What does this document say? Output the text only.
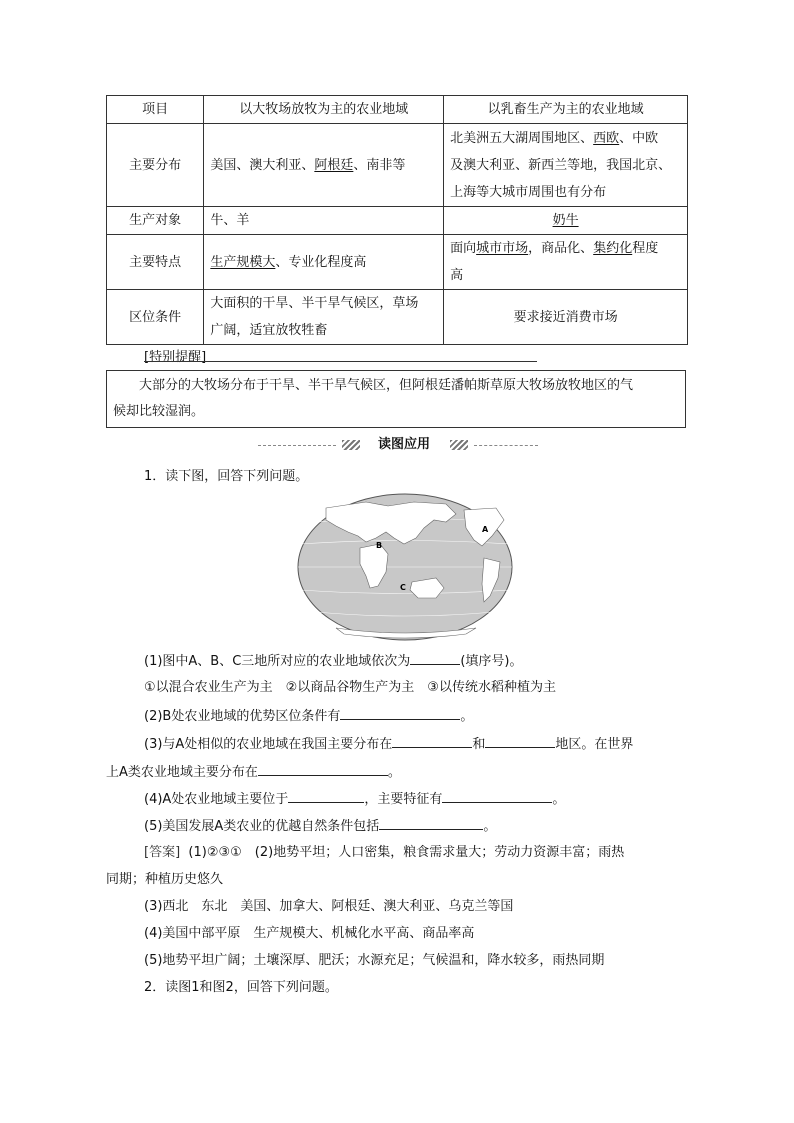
项目	以大牧场放牧为主的农业地域	以乳畜生产为主的农业地域
主要分布	美国、澳大利亚、阿根廷、南非等	北美洲五大湖周围地区、西欧、中欧
及澳大利亚、新西兰等地，我国北京、
上海等大城市周围也有分布

生产对象	牛、羊	奶牛
主要特点	生产规模大、专业化程度高	面向城市市场，商品化、集约化程度
高

区位条件	大面积的干旱、半干旱气候区，草场
广阔，适宜放牧牲畜	要求接近消费市场
[特别提醒]
大部分的大牧场分布于干旱、半干旱气候区，但阿根廷潘帕斯草原大牧场放牧地区的气
候却比较湿润。
读图应用
1．读下图，回答下列问题。
B
A
C
(1)图中A、B、C三地所对应的农业地域依次为	(填序号)。
①以混合农业生产为主　②以商品谷物生产为主　③以传统水稻种植为主
(2)B处农业地域的优势区位条件有	。
(3)与A处相似的农业地域在我国主要分布在	和	地区。在世界
上A类农业地域主要分布在	。
(4)A处农业地域主要位于	，主要特征有	。
(5)美国发展A类农业的优越自然条件包括	。
[答案] (1)②③①　(2)地势平坦；人口密集，粮食需求量大；劳动力资源丰富；雨热
同期；种植历史悠久
(3)西北　东北　美国、加拿大、阿根廷、澳大利亚、乌克兰等国
(4)美国中部平原　生产规模大、机械化水平高、商品率高
(5)地势平坦广阔；土壤深厚、肥沃；水源充足；气候温和，降水较多，雨热同期
2．读图1和图2，回答下列问题。
